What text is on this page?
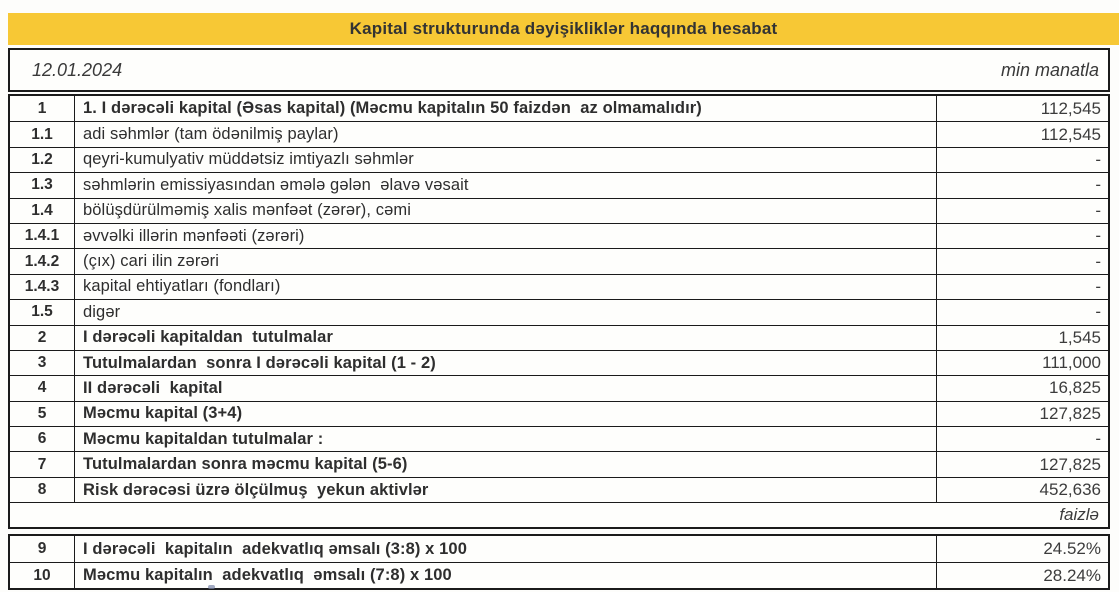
Kapital strukturunda dəyişikliklər haqqında hesabat
12.01.2024	min manatla
1	1. I dərəcəli kapital (Əsas kapital) (Məcmu kapitalın 50 faizdən  az olmamalıdır)	112,545
1.1	adi səhmlər (tam ödənilmiş paylar)	112,545
1.2	qeyri-kumulyativ müddətsiz imtiyazlı səhmlər	-
1.3	səhmlərin emissiyasından əmələ gələn  əlavə vəsait	-
1.4	bölüşdürülməmiş xalis mənfəət (zərər), cəmi	-
1.4.1	əvvəlki illərin mənfəəti (zərəri)	-
1.4.2	(çıx) cari ilin zərəri	-
1.4.3	kapital ehtiyatları (fondları)	-
1.5	digər	-
2	I dərəcəli kapitaldan  tutulmalar	1,545
3	Tutulmalardan  sonra I dərəcəli kapital (1 - 2)	111,000
4	II dərəcəli  kapital	16,825
5	Məcmu kapital (3+4)	127,825
6	Məcmu kapitaldan tutulmalar :	-
7	Tutulmalardan sonra məcmu kapital (5-6)	127,825
8	Risk dərəcəsi üzrə ölçülmuş  yekun aktivlər	452,636
faizlə
9	I dərəcəli  kapitalın  adekvatlıq əmsalı (3:8) x 100	24.52%
10	Məcmu kapitalın  adekvatlıq  əmsalı (7:8) x 100	28.24%
